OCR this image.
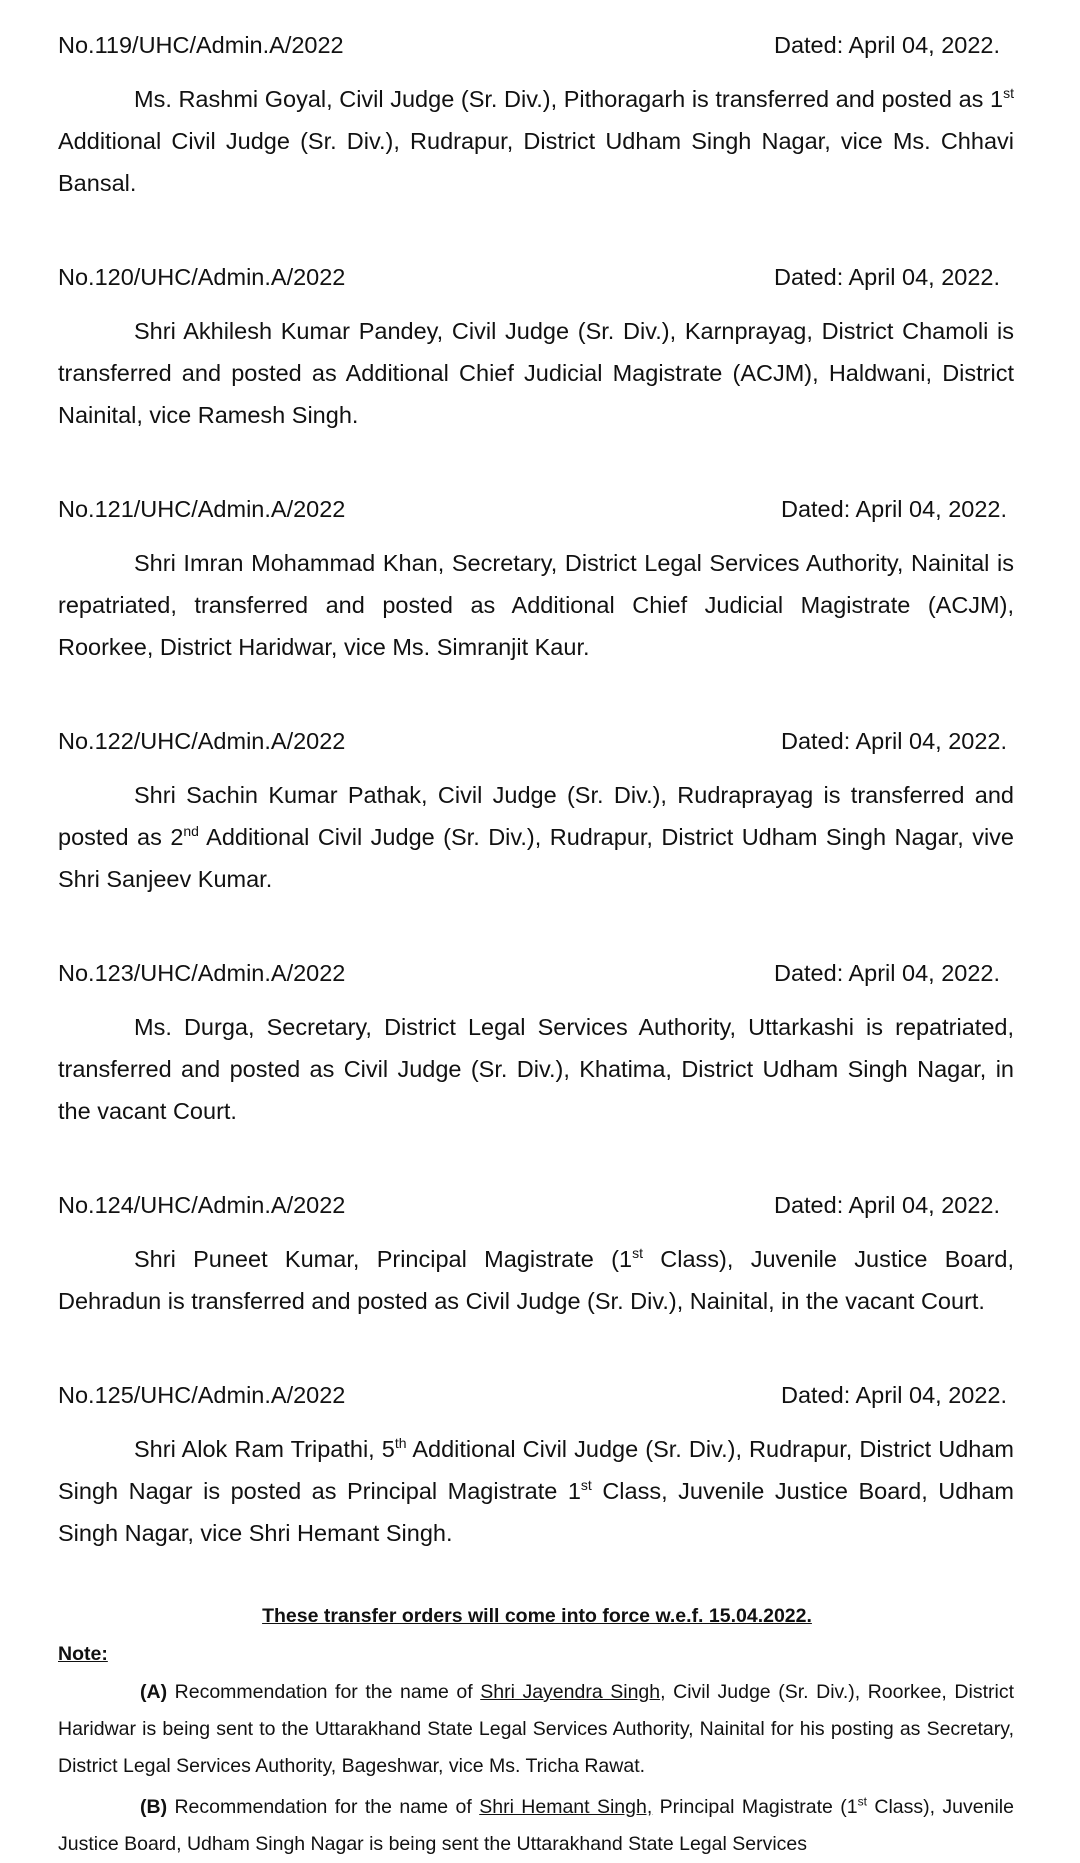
No.119/UHC/Admin.A/2022	Dated: April 04, 2022.
Ms. Rashmi Goyal, Civil Judge (Sr. Div.), Pithoragarh is transferred and posted as 1st Additional Civil Judge (Sr. Div.), Rudrapur, District Udham Singh Nagar, vice Ms. Chhavi Bansal.
No.120/UHC/Admin.A/2022	Dated: April 04, 2022.
Shri Akhilesh Kumar Pandey, Civil Judge (Sr. Div.), Karnprayag, District Chamoli is transferred and posted as Additional Chief Judicial Magistrate (ACJM), Haldwani, District Nainital, vice Ramesh Singh.
No.121/UHC/Admin.A/2022	Dated: April 04, 2022.
Shri Imran Mohammad Khan, Secretary, District Legal Services Authority, Nainital is repatriated, transferred and posted as Additional Chief Judicial Magistrate (ACJM), Roorkee, District Haridwar, vice Ms. Simranjit Kaur.
No.122/UHC/Admin.A/2022	Dated: April 04, 2022.
Shri Sachin Kumar Pathak, Civil Judge (Sr. Div.), Rudraprayag is transferred and posted as 2nd Additional Civil Judge (Sr. Div.), Rudrapur, District Udham Singh Nagar, vive Shri Sanjeev Kumar.
No.123/UHC/Admin.A/2022	Dated: April 04, 2022.
Ms. Durga, Secretary, District Legal Services Authority, Uttarkashi is repatriated, transferred and posted as Civil Judge (Sr. Div.), Khatima, District Udham Singh Nagar, in the vacant Court.
No.124/UHC/Admin.A/2022	Dated: April 04, 2022.
Shri Puneet Kumar, Principal Magistrate (1st Class), Juvenile Justice Board, Dehradun is transferred and posted as Civil Judge (Sr. Div.), Nainital, in the vacant Court.
No.125/UHC/Admin.A/2022	Dated: April 04, 2022.
Shri Alok Ram Tripathi, 5th Additional Civil Judge (Sr. Div.), Rudrapur, District Udham Singh Nagar is posted as Principal Magistrate 1st Class, Juvenile Justice Board, Udham Singh Nagar, vice Shri Hemant Singh.
These transfer orders will come into force w.e.f. 15.04.2022.
Note:
(A) Recommendation for the name of Shri Jayendra Singh, Civil Judge (Sr. Div.), Roorkee, District Haridwar is being sent to the Uttarakhand State Legal Services Authority, Nainital for his posting as Secretary, District Legal Services Authority, Bageshwar, vice Ms. Tricha Rawat.
(B) Recommendation for the name of Shri Hemant Singh, Principal Magistrate (1st Class), Juvenile Justice Board, Udham Singh Nagar is being sent the Uttarakhand State Legal Services
